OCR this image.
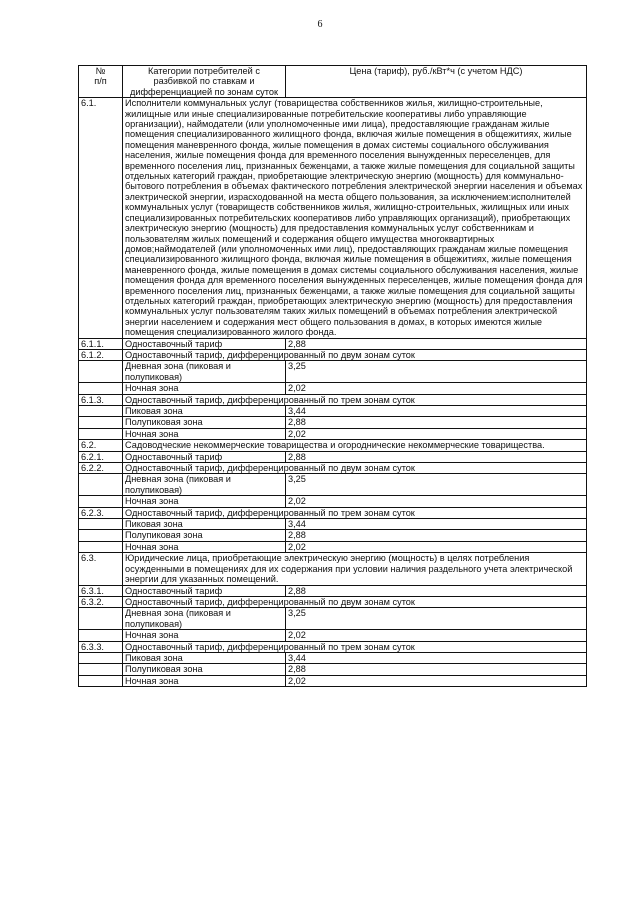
6
№
п/п	Категории потребителей с разбивкой по ставкам и дифференциацией по зонам суток	Цена (тариф), руб./кВт*ч (с учетом НДС)
6.1.	Исполнители коммунальных услуг (товарищества собственников жилья, жилищно-строительные, жилищные или иные специализированные потребительские кооперативы либо управляющие организации), наймодатели (или уполномоченные ими лица), предоставляющие гражданам жилые помещения специализированного жилищного фонда, включая жилые помещения в общежитиях, жилые помещения маневренного фонда, жилые помещения в домах системы социального обслуживания населения, жилые помещения фонда для временного поселения вынужденных переселенцев, для временного поселения лиц, признанных беженцами, а также жилые помещения для социальной защиты отдельных категорий граждан, приобретающие электрическую энергию (мощность) для коммунально-бытового потребления в объемах фактического потребления электрической энергии населения и объемах электрической энергии, израсходованной на места общего пользования, за исключением:исполнителей коммунальных услуг (товариществ собственников жилья, жилищно-строительных, жилищных или иных специализированных потребительских кооперативов либо управляющих организаций), приобретающих электрическую энергию (мощность) для предоставления коммунальных услуг собственникам и пользователям жилых помещений и содержания общего имущества многоквартирных домов;наймодателей (или уполномоченных ими лиц), предоставляющих гражданам жилые помещения специализированного жилищного фонда, включая жилые помещения в общежитиях, жилые помещения маневренного фонда, жилые помещения в домах системы социального обслуживания населения, жилые помещения фонда для временного поселения вынужденных переселенцев, жилые помещения фонда для временного поселения лиц, признанных беженцами, а также жилые помещения для социальной защиты отдельных категорий граждан, приобретающих электрическую энергию (мощность) для предоставления коммунальных услуг пользователям таких жилых помещений в объемах потребления электрической энергии населением и содержания мест общего пользования в домах, в которых имеются жилые помещения специализированного жилого фонда.	
6.1.1.	Одноставочный тариф	2,88
6.1.2.	Одноставочный тариф, дифференцированный по двум зонам суток	
	Дневная зона (пиковая и полупиковая)	3,25
	Ночная зона	2,02
6.1.3.	Одноставочный тариф, дифференцированный по трем зонам суток	
	Пиковая зона	3,44
	Полупиковая зона	2,88
	Ночная зона	2,02
6.2.	Садоводческие некоммерческие товарищества и огороднические некоммерческие товарищества.	
6.2.1.	Одноставочный тариф	2,88
6.2.2.	Одноставочный тариф, дифференцированный по двум зонам суток	
	Дневная зона (пиковая и полупиковая)	3,25
	Ночная зона	2,02
6.2.3.	Одноставочный тариф, дифференцированный по трем зонам суток	
	Пиковая зона	3,44
	Полупиковая зона	2,88
	Ночная зона	2,02
6.3.	Юридические лица, приобретающие электрическую энергию (мощность) в целях потребления осужденными в помещениях для их содержания при условии наличия раздельного учета электрической энергии для указанных помещений.	
6.3.1.	Одноставочный тариф	2,88
6.3.2.	Одноставочный тариф, дифференцированный по двум зонам суток	
	Дневная зона (пиковая и полупиковая)	3,25
	Ночная зона	2,02
6.3.3.	Одноставочный тариф, дифференцированный по трем зонам суток	
	Пиковая зона	3,44
	Полупиковая зона	2,88
	Ночная зона	2,02
